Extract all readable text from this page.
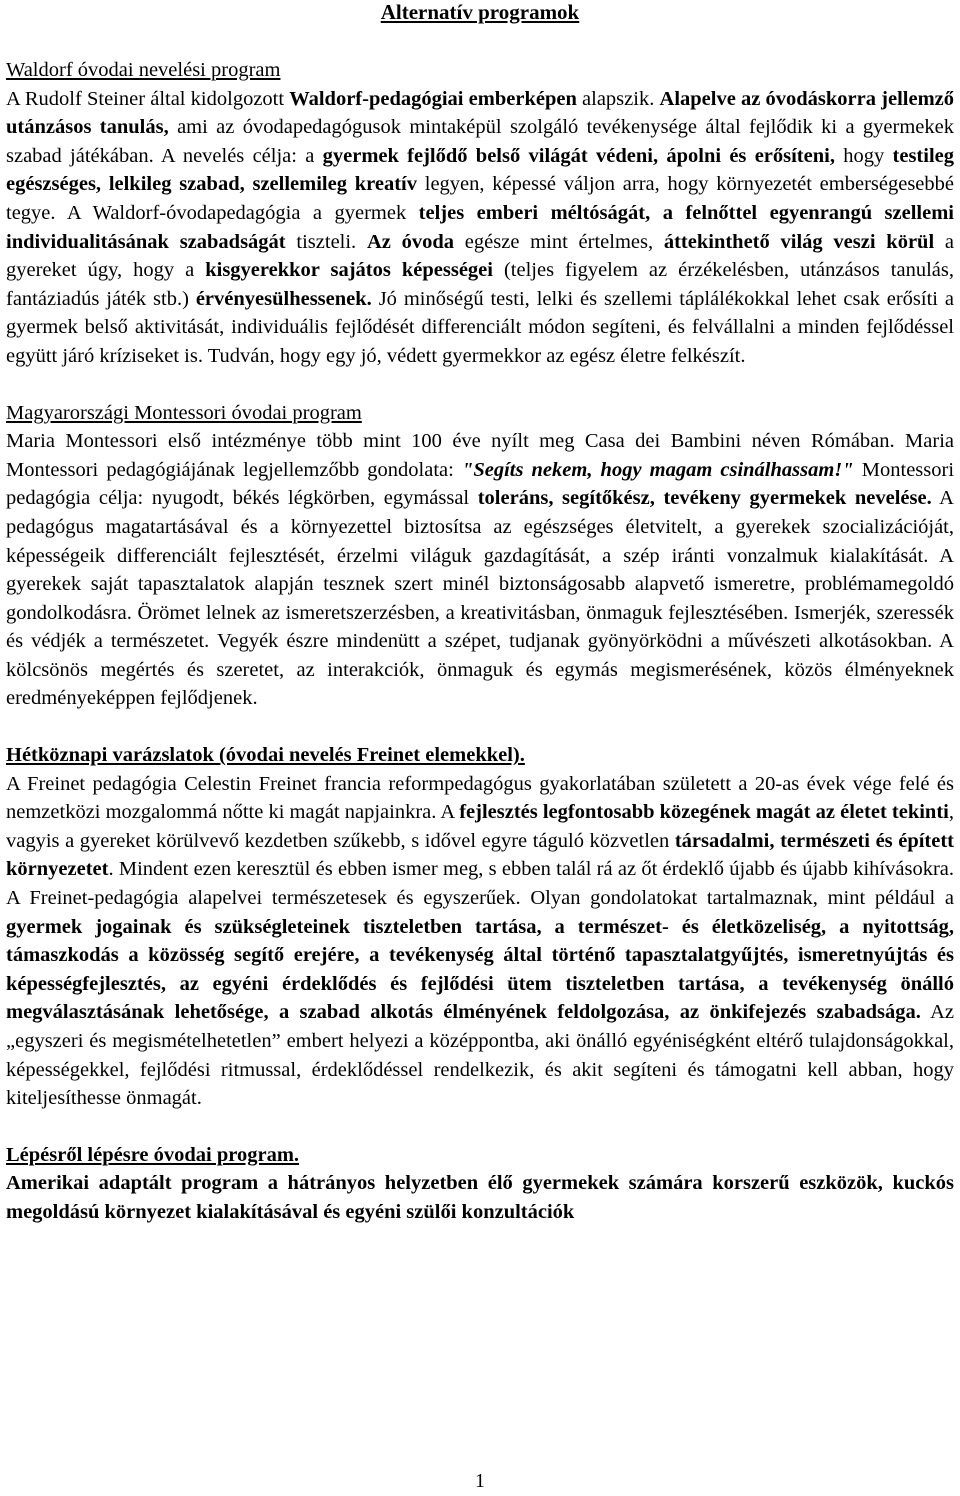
Alternatív programok
Waldorf óvodai nevelési program

A Rudolf Steiner által kidolgozott Waldorf-pedagógiai emberképen alapszik. Alapelve az óvodáskorra jellemző utánzásos tanulás, ami az óvodapedagógusok mintaképül szolgáló tevékenysége által fejlődik ki a gyermekek szabad játékában. A nevelés célja: a gyermek fejlődő belső világát védeni, ápolni és erősíteni, hogy testileg egészséges, lelkileg szabad, szellemileg kreatív legyen, képessé váljon arra, hogy környezetét emberségesebbé tegye. A Waldorf-óvodapedagógia a gyermek teljes emberi méltóságát, a felnőttel egyenrangú szellemi individualitásának szabadságát tiszteli. Az óvoda egésze mint értelmes, áttekinthető világ veszi körül a gyereket úgy, hogy a kisgyerekkor sajátos képességei (teljes figyelem az érzékelésben, utánzásos tanulás, fantáziadús játék stb.) érvényesülhessenek. Jó minőségű testi, lelki és szellemi táplálékokkal lehet csak erősíti a gyermek belső aktivitását, individuális fejlődését differenciált módon segíteni, és felvállalni a minden fejlődéssel együtt járó kríziseket is. Tudván, hogy egy jó, védett gyermekkor az egész életre felkészít.

Magyarországi Montessori óvodai program

Maria Montessori első intézménye több mint 100 éve nyílt meg Casa dei Bambini néven Rómában. Maria Montessori pedagógiájának legjellemzőbb gondolata: "Segíts nekem, hogy magam csinálhassam!" Montessori pedagógia célja: nyugodt, békés légkörben, egymással toleráns, segítőkész, tevékeny gyermekek nevelése. A pedagógus magatartásával és a környezettel biztosítsa az egészséges életvitelt, a gyerekek szocializációját, képességeik differenciált fejlesztését, érzelmi világuk gazdagítását, a szép iránti vonzalmuk kialakítását. A gyerekek saját tapasztalatok alapján tesznek szert minél biztonságosabb alapvető ismeretre, problémamegoldó gondolkodásra. Örömet lelnek az ismeretszerzésben, a kreativitásban, önmaguk fejlesztésében. Ismerjék, szeressék és védjék a természetet. Vegyék észre mindenütt a szépet, tudjanak gyönyörködni a művészeti alkotásokban. A kölcsönös megértés és szeretet, az interakciók, önmaguk és egymás megismerésének, közös élményeknek eredményeképpen fejlődjenek.

Hétköznapi varázslatok (óvodai nevelés Freinet elemekkel).

A Freinet pedagógia Celestin Freinet francia reformpedagógus gyakorlatában született a 20-as évek vége felé és nemzetközi mozgalommá nőtte ki magát napjainkra. A fejlesztés legfontosabb közegének magát az életet tekinti, vagyis a gyereket körülvevő kezdetben szűkebb, s idővel egyre táguló közvetlen társadalmi, természeti és épített környezetet. Mindent ezen keresztül és ebben ismer meg, s ebben talál rá az őt érdeklő újabb és újabb kihívásokra. A Freinet-pedagógia alapelvei természetesek és egyszerűek. Olyan gondolatokat tartalmaznak, mint például a gyermek jogainak és szükségleteinek tiszteletben tartása, a természet- és életközeliség, a nyitottság, támaszkodás a közösség segítő erejére, a tevékenység által történő tapasztalatgyűjtés, ismeretnyújtás és képességfejlesztés, az egyéni érdeklődés és fejlődési ütem tiszteletben tartása, a tevékenység önálló megválasztásának lehetősége, a szabad alkotás élményének feldolgozása, az önkifejezés szabadsága. Az „egyszeri és megismételhetetlen” embert helyezi a középpontba, aki önálló egyéniségként eltérő tulajdonságokkal, képességekkel, fejlődési ritmussal, érdeklődéssel rendelkezik, és akit segíteni és támogatni kell abban, hogy kiteljesíthesse önmagát.

Lépésről lépésre óvodai program.

Amerikai adaptált program a hátrányos helyzetben élő gyermekek számára korszerű eszközök, kuckós megoldású környezet kialakításával és egyéni szülői konzultációk

1
